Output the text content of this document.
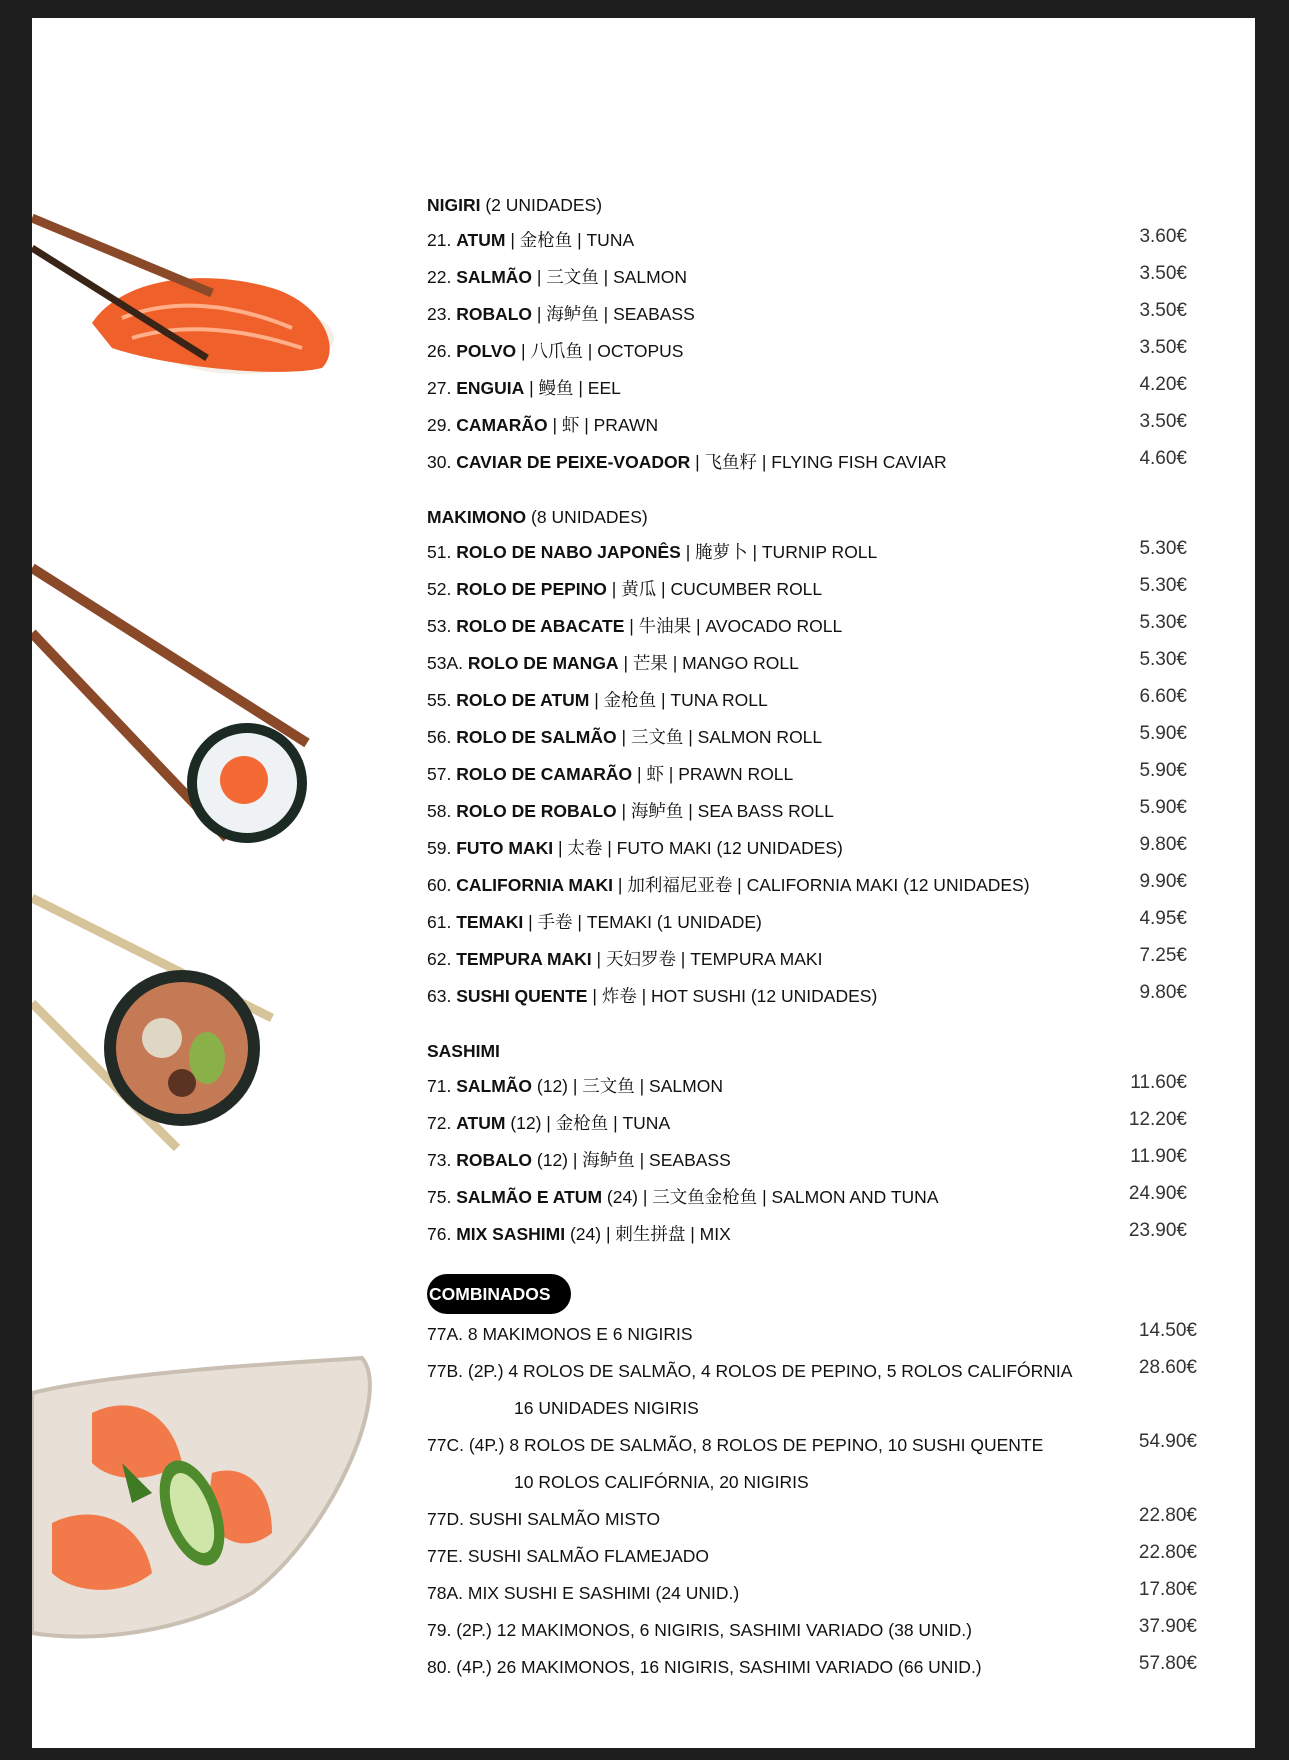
NIGIRI (2 UNIDADES)
21. ATUM | 金枪鱼 | TUNA	3.60€
22. SALMÃO | 三文鱼 | SALMON	3.50€
23. ROBALO | 海鲈鱼 | SEABASS	3.50€
26. POLVO | 八爪鱼 | OCTOPUS	3.50€
27. ENGUIA | 鳗鱼 | EEL	4.20€
29. CAMARÃO | 虾 | PRAWN	3.50€
30. CAVIAR DE PEIXE-VOADOR | 飞鱼籽 | FLYING FISH CAVIAR	4.60€
MAKIMONO (8 UNIDADES)
51. ROLO DE NABO JAPONÊS | 腌萝卜 | TURNIP ROLL	5.30€
52. ROLO DE PEPINO | 黄瓜 | CUCUMBER ROLL	5.30€
53. ROLO DE ABACATE | 牛油果 | AVOCADO ROLL	5.30€
53A. ROLO DE MANGA | 芒果 | MANGO ROLL	5.30€
55. ROLO DE ATUM | 金枪鱼 | TUNA ROLL	6.60€
56. ROLO DE SALMÃO | 三文鱼 | SALMON ROLL	5.90€
57. ROLO DE CAMARÃO | 虾 | PRAWN ROLL	5.90€
58. ROLO DE ROBALO | 海鲈鱼 | SEA BASS ROLL	5.90€
59. FUTO MAKI | 太卷 | FUTO MAKI (12 UNIDADES)	9.80€
60. CALIFORNIA MAKI | 加利福尼亚卷 | CALIFORNIA MAKI (12 UNIDADES)	9.90€
61. TEMAKI | 手卷 | TEMAKI (1 UNIDADE)	4.95€
62. TEMPURA MAKI | 天妇罗卷 | TEMPURA MAKI	7.25€
63. SUSHI QUENTE | 炸卷 | HOT SUSHI (12 UNIDADES)	9.80€
SASHIMI
71. SALMÃO (12) | 三文鱼 | SALMON	11.60€
72. ATUM (12) | 金枪鱼 | TUNA	12.20€
73. ROBALO (12) | 海鲈鱼 | SEABASS	11.90€
75. SALMÃO E ATUM (24) | 三文鱼金枪鱼 | SALMON AND TUNA	24.90€
76. MIX SASHIMI (24) | 刺生拼盘 | MIX	23.90€
COMBINADOS
77A. 8 MAKIMONOS E 6 NIGIRIS	14.50€
77B. (2P.) 4 ROLOS DE SALMÃO, 4 ROLOS DE PEPINO, 5 ROLOS CALIFÓRNIA	28.60€
16 UNIDADES NIGIRIS
77C. (4P.) 8 ROLOS DE SALMÃO, 8 ROLOS DE PEPINO, 10 SUSHI QUENTE	54.90€
10 ROLOS CALIFÓRNIA, 20 NIGIRIS
77D. SUSHI SALMÃO MISTO	22.80€
77E. SUSHI SALMÃO FLAMEJADO	22.80€
78A. MIX SUSHI E SASHIMI (24 UNID.)	17.80€
79. (2P.) 12 MAKIMONOS, 6 NIGIRIS, SASHIMI VARIADO (38 UNID.)	37.90€
80. (4P.) 26 MAKIMONOS, 16 NIGIRIS, SASHIMI VARIADO (66 UNID.)	57.80€
